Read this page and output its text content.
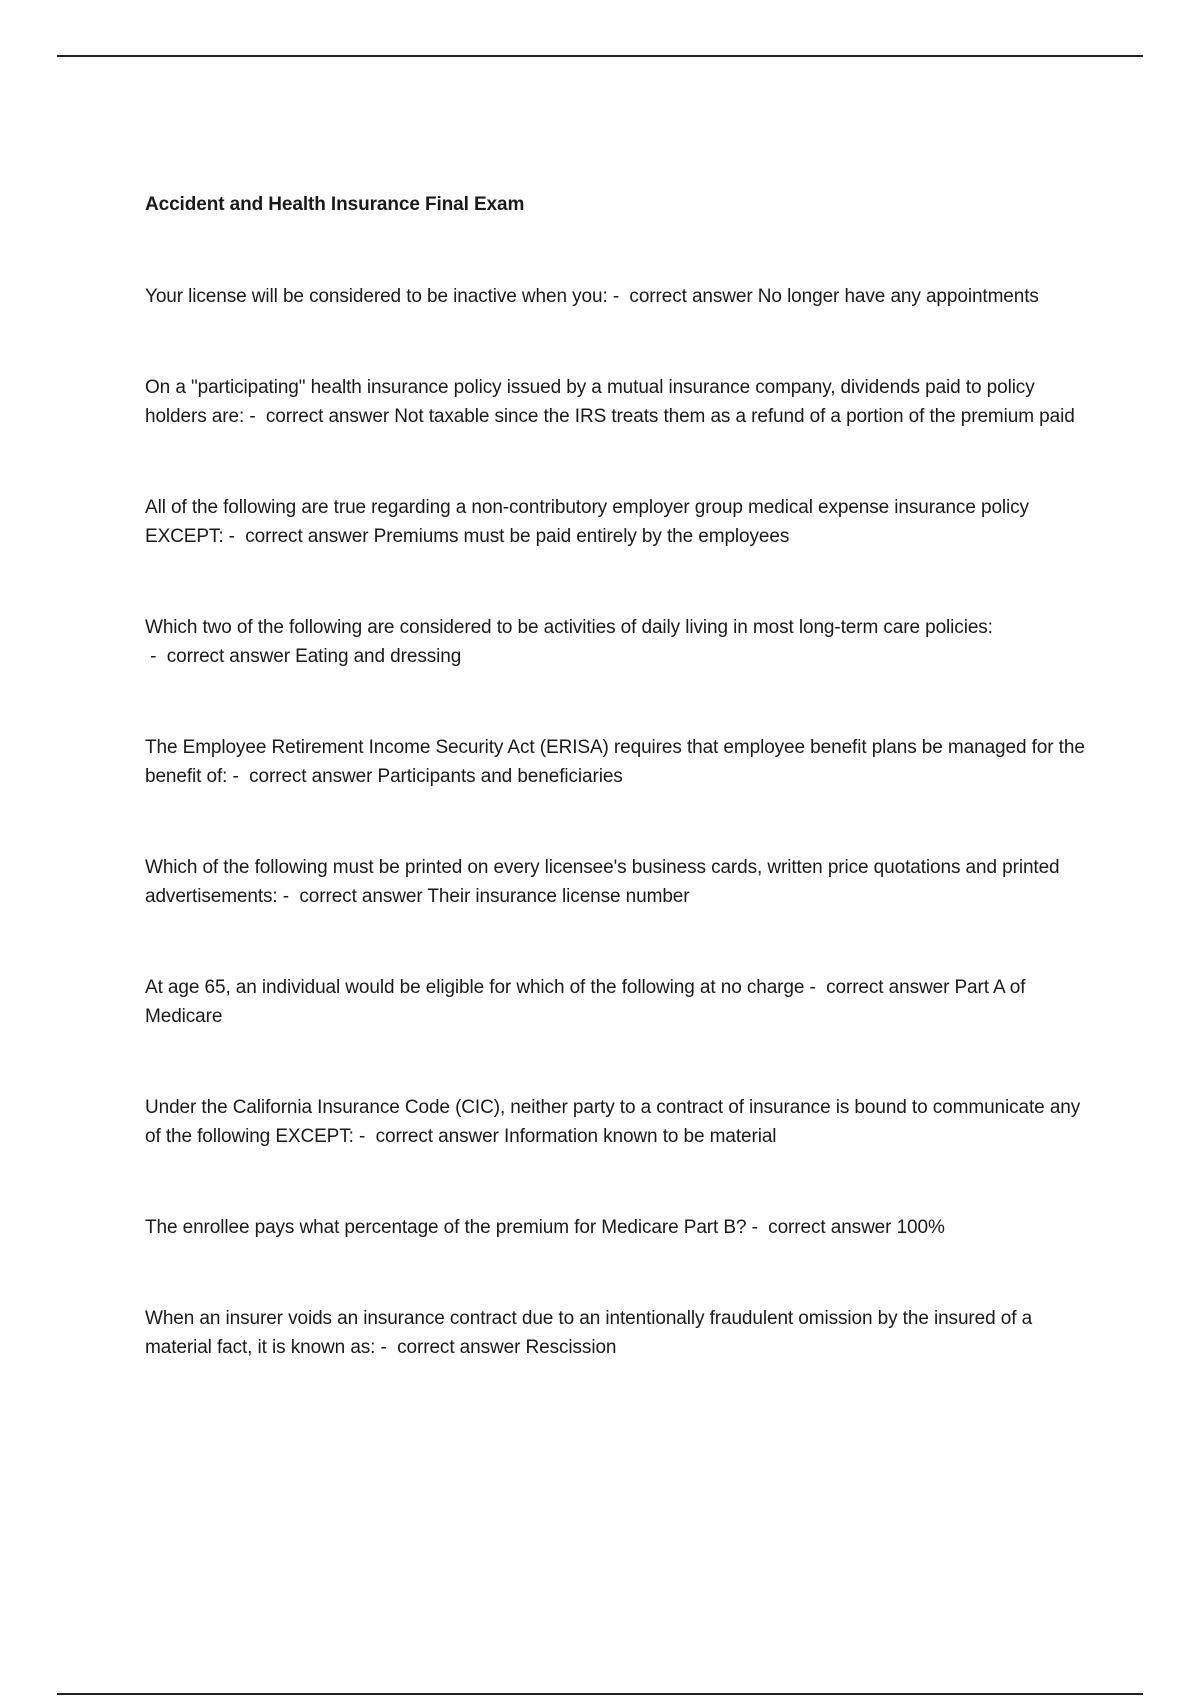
Accident and Health Insurance Final Exam
Your license will be considered to be inactive when you: -  correct answer No longer have any appointments
On a "participating" health insurance policy issued by a mutual insurance company, dividends paid to policy holders are: -  correct answer Not taxable since the IRS treats them as a refund of a portion of the premium paid
All of the following are true regarding a non-contributory employer group medical expense insurance policy EXCEPT: -  correct answer Premiums must be paid entirely by the employees
Which two of the following are considered to be activities of daily living in most long-term care policies: -  correct answer Eating and dressing
The Employee Retirement Income Security Act (ERISA) requires that employee benefit plans be managed for the benefit of: -  correct answer Participants and beneficiaries
Which of the following must be printed on every licensee's business cards, written price quotations and printed advertisements: -  correct answer Their insurance license number
At age 65, an individual would be eligible for which of the following at no charge -  correct answer Part A of Medicare
Under the California Insurance Code (CIC), neither party to a contract of insurance is bound to communicate any of the following EXCEPT: -  correct answer Information known to be material
The enrollee pays what percentage of the premium for Medicare Part B? -  correct answer 100%
When an insurer voids an insurance contract due to an intentionally fraudulent omission by the insured of a material fact, it is known as: -  correct answer Rescission
